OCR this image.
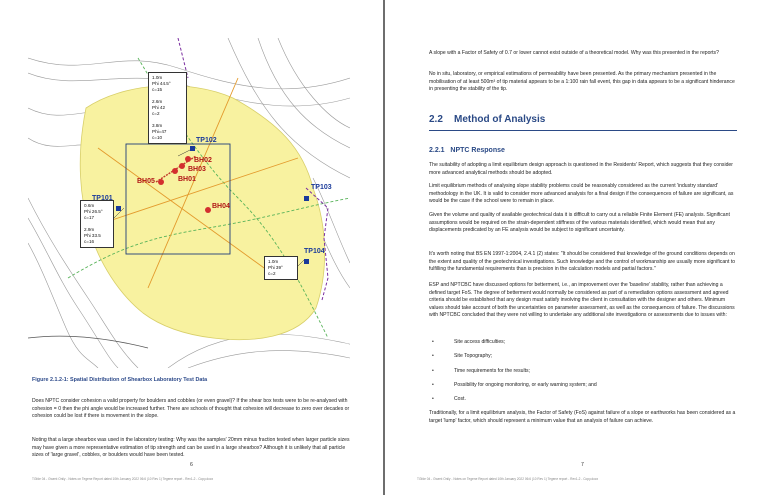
1.0m
Phi 44.5°
c=15
2.6m
Phi 42
c=2
3.8m
Phi=47
c=10
0.6m
Phi 26.5°
c=17
2.9m
Phi 33.5
c=16
1.0m
Phi 39°
c=2
TP102
TP101
TP103
TP104
BH02
BH03
BH01
BH05
BH04
Figure 2.1.2-1: Spatial Distribution of Shearbox Laboratory Test Data
Does NPTC consider cohesion a valid property for boulders and cobbles (or even gravel)? If the shear box tests were to be re-analysed with cohesion = 0 then the phi angle would be increased further. There are schools of thought that cohesion will decrease to zero over decades or cohesion could be lost if there is movement in the slope.
Noting that a large shearbox was used in the laboratory testing: Why was the samples' 20mm minus fraction tested when larger particle sizes may have given a more representative estimation of tip strength and can be used in a large shearbox? Although it is unlikely that all particle sizes of 'large gravel', cobbles, or boulders would have been tested.
6
TGfde 04 - Gwent Onily - Notes on Tegene Report dated 10th January 2022 06:6 (10 Rev 1) Tegene report - Rev1-2 - Copy.docx
A slope with a Factor of Safety of 0.7 or lower cannot exist outside of a theoretical model. Why was this presented in the reports?
No in situ, laboratory, or empirical estimations of permeability have been presented. As the primary mechanism presented in the mobilisation of at least 500m³ of tip material appears to be a 1:100 rain fall event, this gap in data appears to be a significant hinderance in presenting the stability of the tip.
2.2 Method of Analysis
2.2.1 NPTC Response
The suitability of adopting a limit equilibrium design approach is questioned in the Residents' Report, which suggests that they consider more advanced analytical methods should be adopted.
Limit equilibrium methods of analysing slope stability problems could be reasonably considered as the current 'industry standard' methodology in the UK. It is valid to consider more advanced analysis for a final design if the consequences of failure are significant, as would be the case if the school were to remain in place.
Given the volume and quality of available geotechnical data it is difficult to carry out a reliable Finite Element (FE) analysis. Significant assumptions would be required on the strain-dependent stiffness of the various materials identified, which would mean that any displacements predicated by an FE analysis would be subject to significant uncertainty.
It's worth noting that BS EN 1997-1:2004, 2.4.1 (2) states: "It should be considered that knowledge of the ground conditions depends on the extent and quality of the geotechnical investigations. Such knowledge and the control of workmanship are usually more significant to fulfilling the fundamental requirements than is precision in the calculation models and partial factors."
ESP and NPTCBC have discussed options for betterment, i.e., an improvement over the 'baseline' stability, rather than achieving a defined target FoS. The degree of betterment would normally be considered as part of a remediation options assessment and agreed criteria should be established that any design must satisfy involving the client in consultation with the designer and others. Minimum values should take account of both the uncertainties on parameter assessment, as well as the consequences of failure. The discussions with NPTCBC concluded that they were not willing to undertake any additional site investigations or assessments due to issues with:
•	Site access difficulties;
•	Site Topography;
•	Time requirements for the results;
•	Possibility for ongoing monitoring, or early warning system; and
•	Cost.
Traditionally, for a limit equilibrium analysis, the Factor of Safety (FoS) against failure of a slope or earthworks has been considered as a target 'lump' factor, which should represent a minimum value that an analysis of failure can achieve.
7
TGfde 04 - Gwent Onily - Notes on Tegene Report dated 10th January 2022 06:6 (10 Rev 1) Tegene report - Rev1-2 - Copy.docx
